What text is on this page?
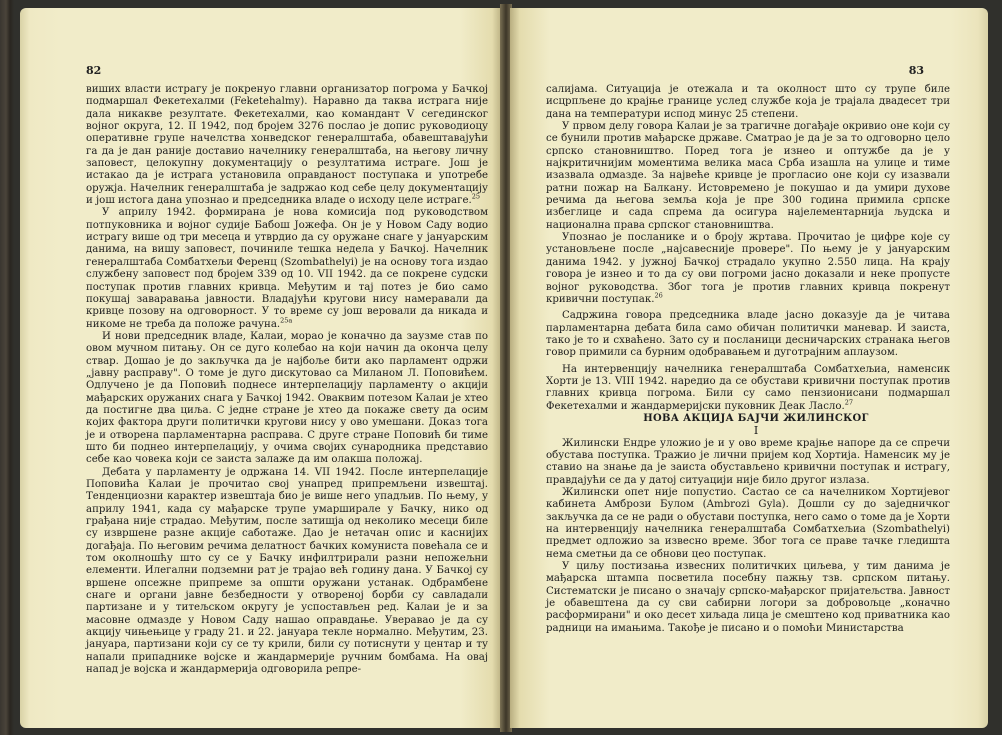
82

виших власти истрагу је покренуо главни организатор погрома у Бачкој подмаршал Фекетехалми (Feketehalmy). Наравно да таква истрага није дала никакве резултате. Фекетехалми, као командант V сегединског војног округа, 12. II 1942, под бројем 3276 послао је допис руководиоцу оперативне групе начелства хонведског генералштаба, обавештавајући га да је дан раније доставио начелнику генералштаба, на његову личну заповест, целокупну документацију о резултатима истраге. Још је истакао да је истрага установила оправданост поступака и употребе оружја. Начелник генералштаба је задржао код себе целу документацију и још истога дана упознао и председника владе о исходу целе истраге.$^{25}$

У априлу 1942. формирана је нова комисија под руководством потпуковника и војног судије Бабош Јожефа. Он је у Новом Саду водио истрагу више од три месеца и утврдио да су оружане снаге у јануарским данима, на вишу заповест, починиле тешка недела у Бачкој. Начелник генералштаба Сомбатхељи Ференц (Szombathelyi) је на основу тога издао службену заповест под бројем 339 од 10. VII 1942. да се покрене судски поступак против главних кривца. Међутим и тај потез је био само покушај заваравања јавности. Владајући кругови нису намеравали да кривце позову на одговорност. У то време су још веровали да никада и никоме не треба да положе рачуна.$^{25a}$

И нови председник владе, Калаи, морао је коначно да заузме став по овом мучном питању. Он се дуго колебао на који начин да оконча целу ствар. Дошао је до закључка да је најбоље бити ако парламент одржи „јавну расправу". О томе је дуго дискутовао са Миланом Л. Поповићем. Одлучено је да Поповић поднесе интерпелацију парламенту о акцији мађарских оружаних снага у Бачкој 1942. Оваквим потезом Калаи је хтео да постигне два циља. С једне стране је хтео да покаже свету да осим којих фактора други политички кругови нису у ово умешани. Доказ тога је и отворена парламентарна расправа. С друге стране Поповић би тиме што би поднео интерпелацију, у очима својих сународника представио себе као човека који се заиста залаже да им олакша положај.

Дебата у парламенту је одржана 14. VII 1942. После интерпелације Поповића Калаи је прочитао свој унапред припремљени извештај. Тенденциозни карактер извештаја био је више него упадљив. По њему, у априлу 1941, када су мађарске трупе умарширале у Бачку, нико од грађана није страдао. Међутим, после затишја од неколико месеци биле су извршене разне акције саботаже. Дао је нетачан опис и каснијих догађаја. По његовим речима делатност бачких комуниста повећала се и том околношћу што су се у Бачку инфилтрирали разни непожељни елементи. Илегални подземни рат је трајао већ годину дана. У Бачкој су вршене опсежне припреме за општи оружани устанак. Одбрамбене снаге и органи јавне безбедности у отвореној борби су савладали партизане и у титељском округу је успостављен ред. Калаи је и за масовне одмазде у Новом Саду нашао оправдање. Уверавао је да су акцију чињењице у граду 21. и 22. јануара текле нормално. Међутим, 23. јануара, партизани који су се ту крили, били су потиснути у центар и ту напали припаднике војске и жандармерије ручним бомбама. На овај напад је војска и жандармерија одговорила репре-

83

салијама. Ситуација је отежала и та околност што су трупе биле исцрпљене до крајње границе услед службе која је трајала двадесет три дана на температури испод минус 25 степени.

У првом делу говора Калаи је за трагичне догађаје окривио оне који су се бунили против мађарске државе. Сматрао је да је за то одговорно цело српско становништво. Поред тога је изнео и оптужбе да је у најкритичнијим моментима велика маса Срба изашла на улице и тиме изазвала одмазде. За највеће кривце је прогласио оне који су изазвали ратни пожар на Балкану. Истовремено је покушао и да умири духове речима да његова земља која је пре 300 година примила српске избеглице и сада спрема да осигура најелементарнија људска и национална права српског становништва.

Упознао је посланике и о броју жртава. Прочитао је цифре које су установљене после „најсавесније провере". По њему је у јануарским данима 1942. у јужној Бачкој страдало укупно 2.550 лица. На крају говора је изнео и то да су ови погроми јасно доказали и неке пропусте војног руководства. Због тога је против главних кривца покренут кривични поступак.$^{26}$

Садржина говора председника владе јасно доказује да је читава парламентарна дебата била само обичан политички маневар. И заиста, тако је то и схваћено. Зато су и посланици десничарских странака његов говор примили са бурним одобравањем и дуготрајним аплаузом.

На интервенцију начелника генералштаба Сомбатхељиа, наменсик Хорти је 13. VIII 1942. наредио да се обустави кривични поступак против главних кривца погрома. Били су само пензионисани подмаршал Фекетехалми и жандармеријски пуковник Деак Ласло.$^{27}$

НОВА АКЦИЈА БАЈЧИ ЖИЛИНСКОГ

I

Жилински Ендре уложио је и у ово време крајње напоре да се спречи обустава поступка. Тражио је лични пријем код Хортија. Наменсик му је ставио на знање да је заиста обустављено кривични поступак и истрагу, правдајући се да у датој ситуацији није било другог излаза.

Жилински опет није попустио. Састао се са начелником Хортијевог кабинета Амбрози Булом (Ambrozi Gyla). Дошли су до заједничког закључка да се не ради о обустави поступка, него само о томе да је Хорти на интервенцију начелника генералштаба Сомбатхељиа (Szombathelyi) предмет одложио за извесно време. Због тога се праве тачке гледишта нема сметњи да се обнови цео поступак.

У циљу постизања извесних политичких циљева, у тим данима је мађарска штампа посветила посебну пажњу тзв. српском питању. Систематски је писано о значају српско-мађарског пријатељства. Јавност је обавештена да су сви сабирни логори за добровољце „коначно расформирани" и око десет хиљада лица је смештено код приватника као радници на имањима. Такође је писано и о помоћи Министарства
